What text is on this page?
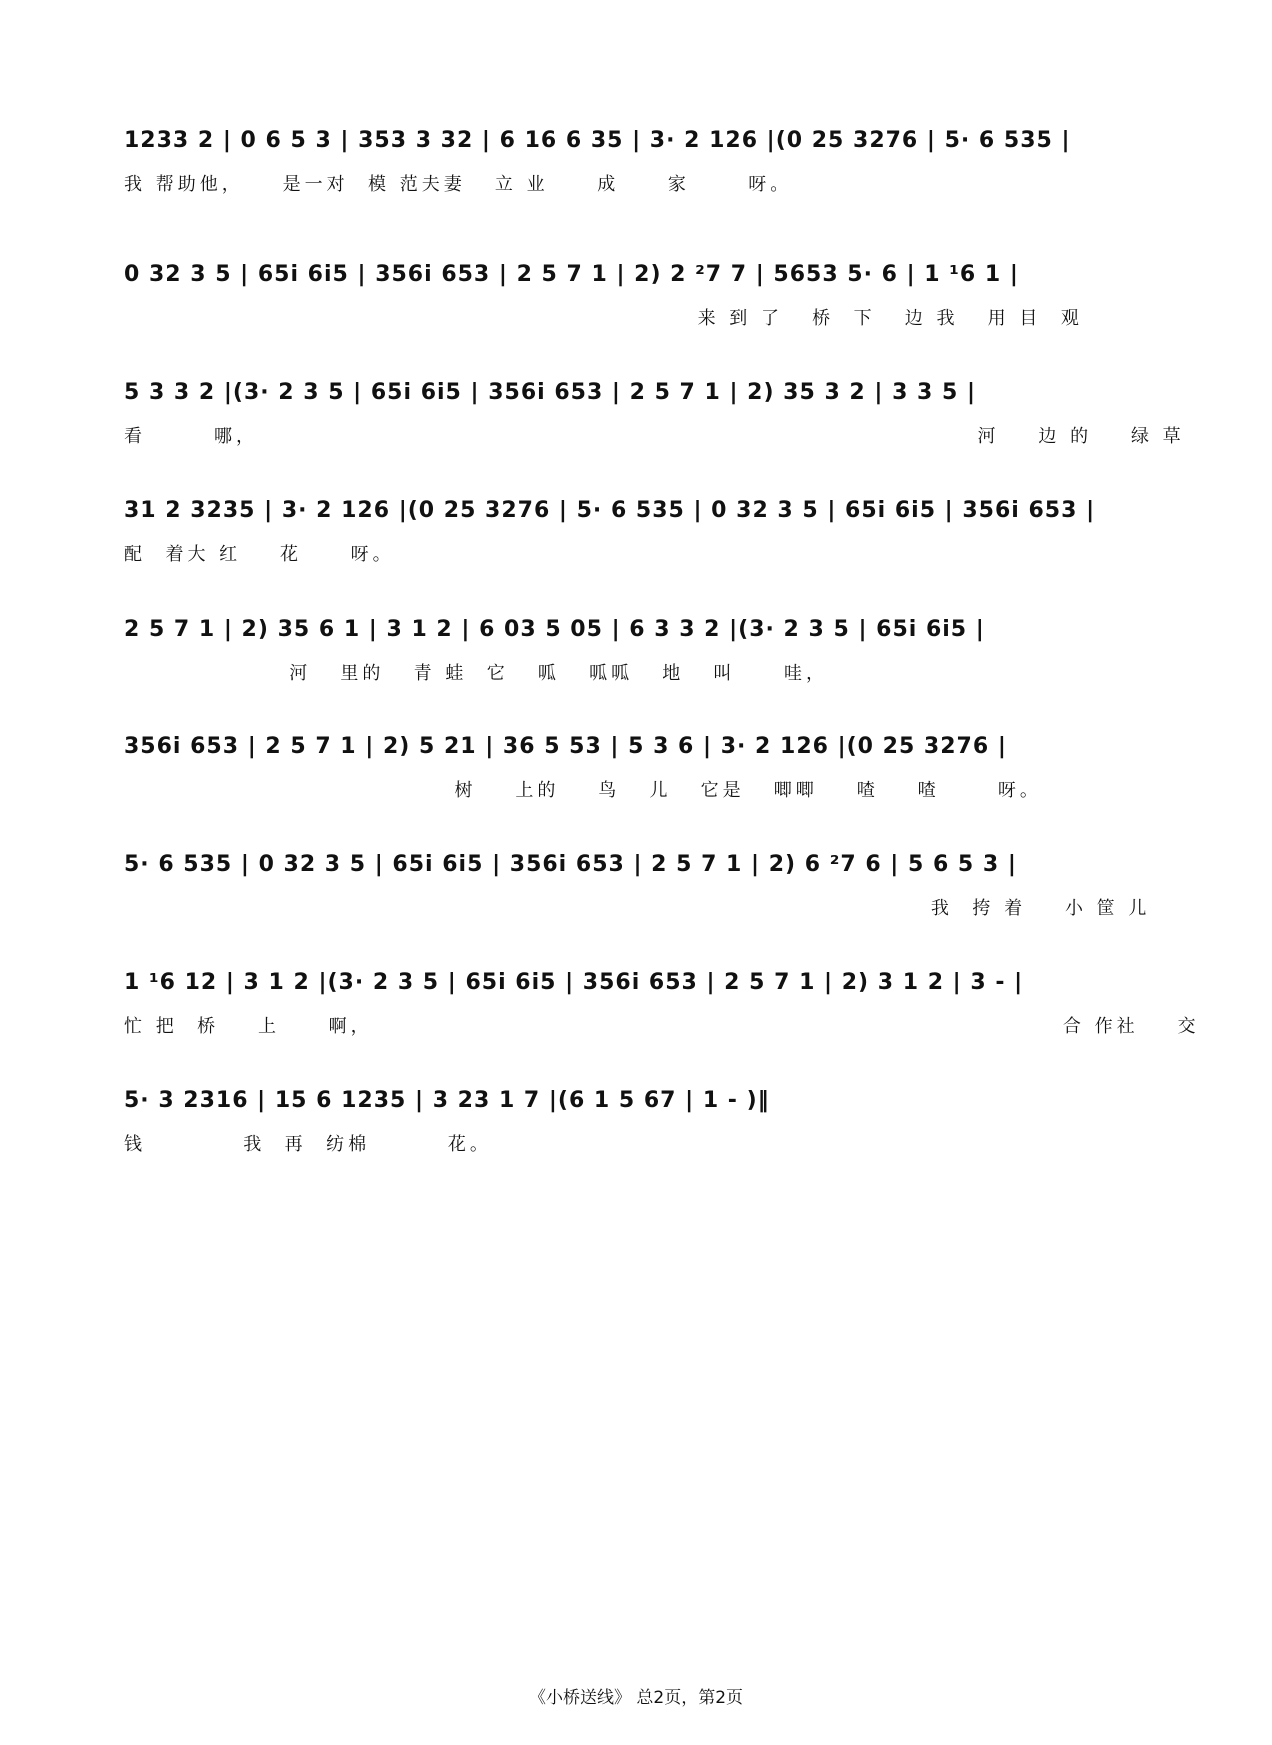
1233 2 | 0 6 5 3 | 353 3 32 | 6 16 6 35 | 3· 2 126 |(0 25 3276 | 5· 6 535 |
我 帮助他，    是一对  模 范夫妻   立 业     成     家      呀。
0 32 3 5 | 65i 6i5 | 356i 653 | 2 5 7 1 | 2) 2 ²7 7 | 5653 5· 6 | 1 ¹6 1 |
来 到 了   桥  下   边 我   用 目  观
5 3 3 2 |(3· 2 3 5 | 65i 6i5 | 356i 653 | 2 5 7 1 | 2) 35 3 2 | 3 3 5 |
看       哪，                                                                          河    边 的    绿 草
31 2 3235 | 3· 2 126 |(0 25 3276 | 5· 6 535 | 0 32 3 5 | 65i 6i5 | 356i 653 |
配  着大 红    花     呀。
2 5 7 1 | 2) 35 6 1 | 3 1 2 | 6 03 5 05 | 6 3 3 2 |(3· 2 3 5 | 65i 6i5 |
河   里的   青 蛙  它   呱   呱呱   地   叫     哇，
356i 653 | 2 5 7 1 | 2) 5 21 | 36 5 53 | 5 3 6 | 3· 2 126 |(0 25 3276 |
树    上的    鸟   儿   它是   唧唧    喳    喳      呀。
5· 6 535 | 0 32 3 5 | 65i 6i5 | 356i 653 | 2 5 7 1 | 2) 6 ²7 6 | 5 6 5 3 |
我  挎 着    小 筐 儿
1 ¹6 12 | 3 1 2 |(3· 2 3 5 | 65i 6i5 | 356i 653 | 2 5 7 1 | 2) 3 1 2 | 3 - |
忙 把  桥    上     啊，                                                                       合 作社    交
5· 3 2316 | 15 6 1235 | 3 23 1 7 |(6 1 5 67 | 1 - )‖
钱          我  再  纺棉        花。
《小桥送线》 总2页，第2页
